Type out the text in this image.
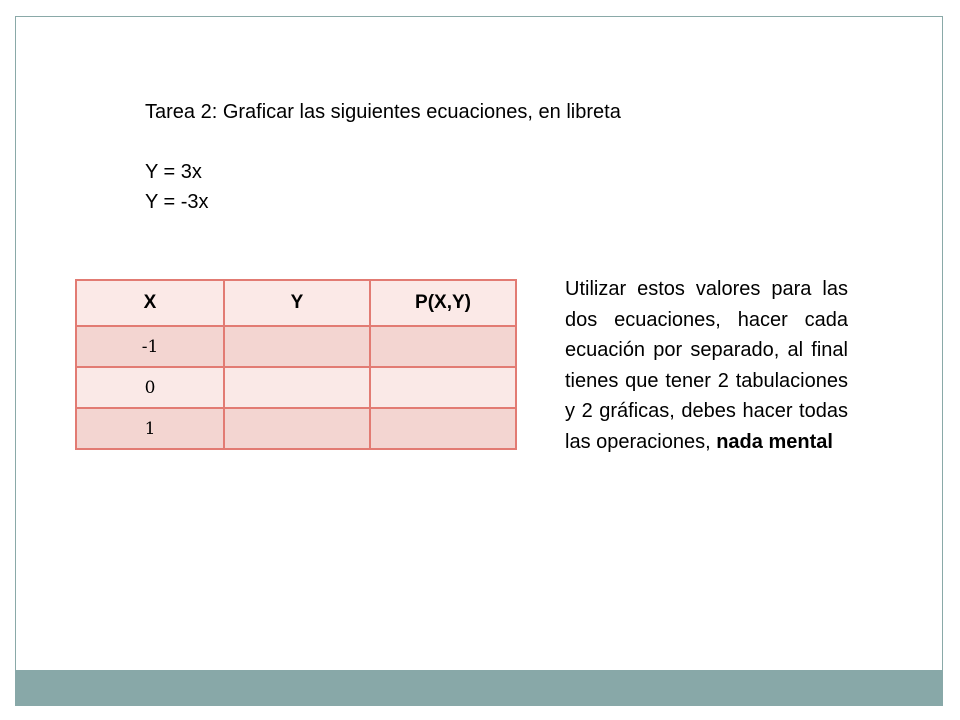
Tarea 2: Graficar las siguientes ecuaciones, en libreta
Y = 3x
Y = -3x
X	Y	P(X,Y)
-1		
0		
1		
Utilizar estos valores para las dos ecuaciones, hacer cada ecuación por separado, al final tienes que tener 2 tabulaciones y 2 gráficas, debes hacer todas las operaciones, nada mental
